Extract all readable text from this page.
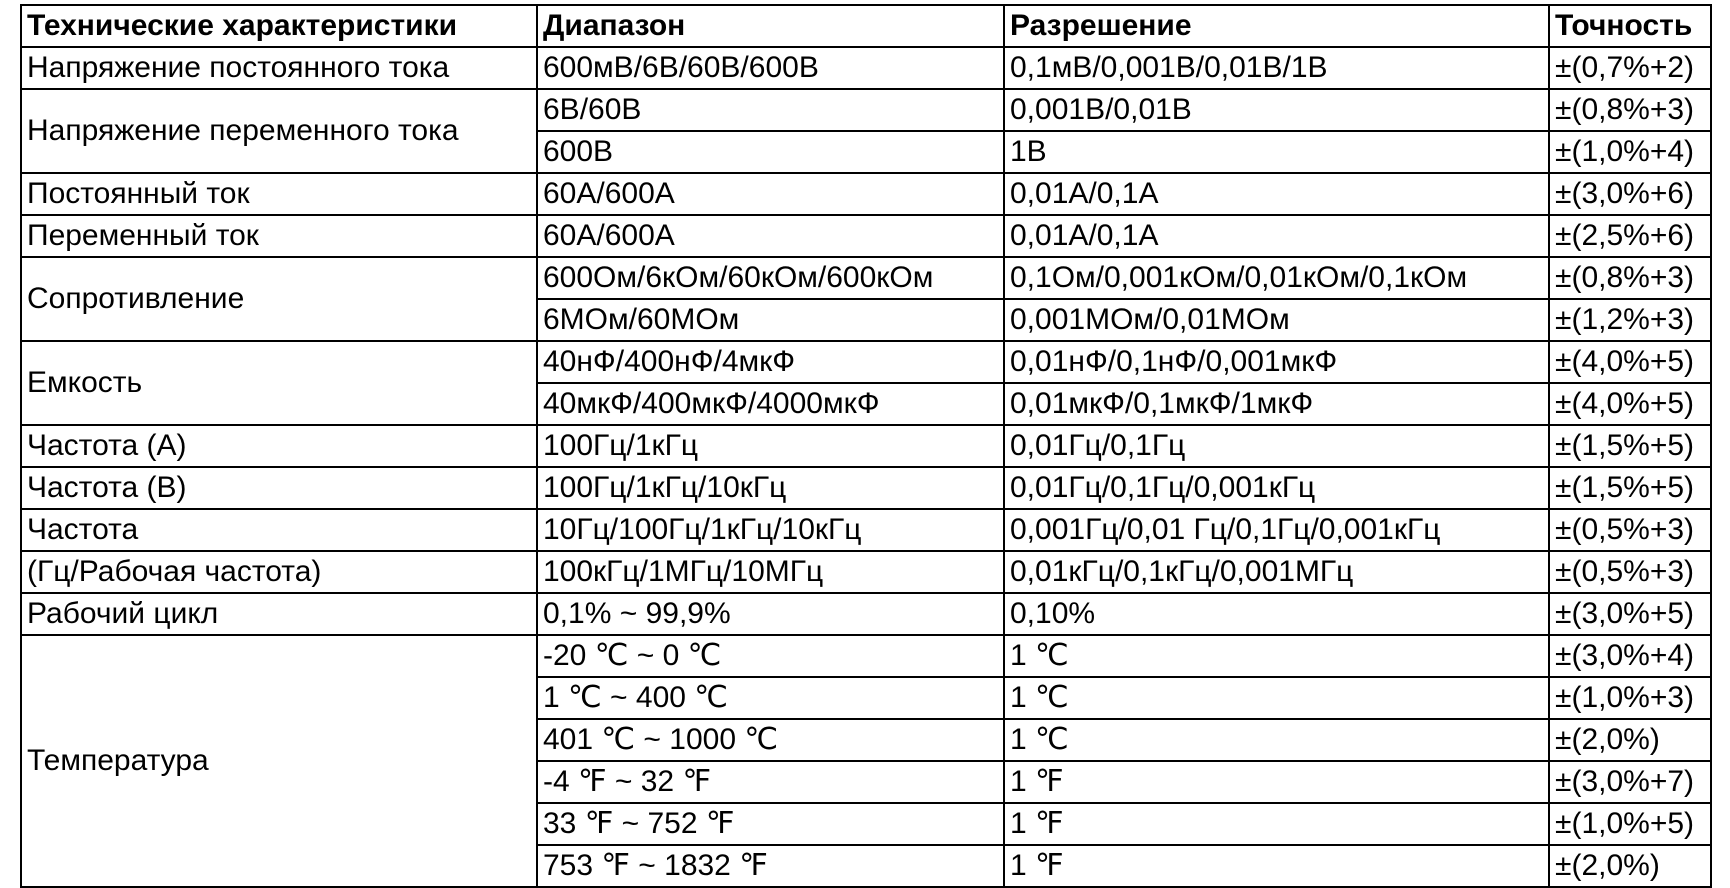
Технические характеристики	Диапазон	Разрешение	Точность
Напряжение постоянного тока	600мВ/6В/60В/600В	0,1мВ/0,001В/0,01В/1В	±(0,7%+2)
Напряжение переменного тока	6В/60В	0,001В/0,01В	±(0,8%+3)
	600В	1В	±(1,0%+4)
Постоянный ток	60А/600А	0,01А/0,1А	±(3,0%+6)
Переменный ток	60А/600А	0,01А/0,1А	±(2,5%+6)
Сопротивление	600Ом/6кОм/60кОм/600кОм	0,1Ом/0,001кОм/0,01кОм/0,1кОм	±(0,8%+3)
	6МОм/60МОм	0,001МОм/0,01МОм	±(1,2%+3)
Емкость	40нФ/400нФ/4мкФ	0,01нФ/0,1нФ/0,001мкФ	±(4,0%+5)
	40мкФ/400мкФ/4000мкФ	0,01мкФ/0,1мкФ/1мкФ	±(4,0%+5)
Частота (А)	100Гц/1кГц	0,01Гц/0,1Гц	±(1,5%+5)
Частота (В)	100Гц/1кГц/10кГц	0,01Гц/0,1Гц/0,001кГц	±(1,5%+5)
Частота	10Гц/100Гц/1кГц/10кГц	0,001Гц/0,01 Гц/0,1Гц/0,001кГц	±(0,5%+3)
(Гц/Рабочая частота)	100кГц/1МГц/10МГц	0,01кГц/0,1кГц/0,001МГц	±(0,5%+3)
Рабочий цикл	0,1% ~ 99,9%	0,10%	±(3,0%+5)
Температура	-20 ℃ ~ 0 ℃	1 ℃	±(3,0%+4)
	1 ℃ ~ 400 ℃	1 ℃	±(1,0%+3)
	401 ℃ ~ 1000 ℃	1 ℃	±(2,0%)
	-4 ℉ ~ 32 ℉	1 ℉	±(3,0%+7)
	33 ℉ ~ 752 ℉	1 ℉	±(1,0%+5)
	753 ℉ ~ 1832 ℉	1 ℉	±(2,0%)
